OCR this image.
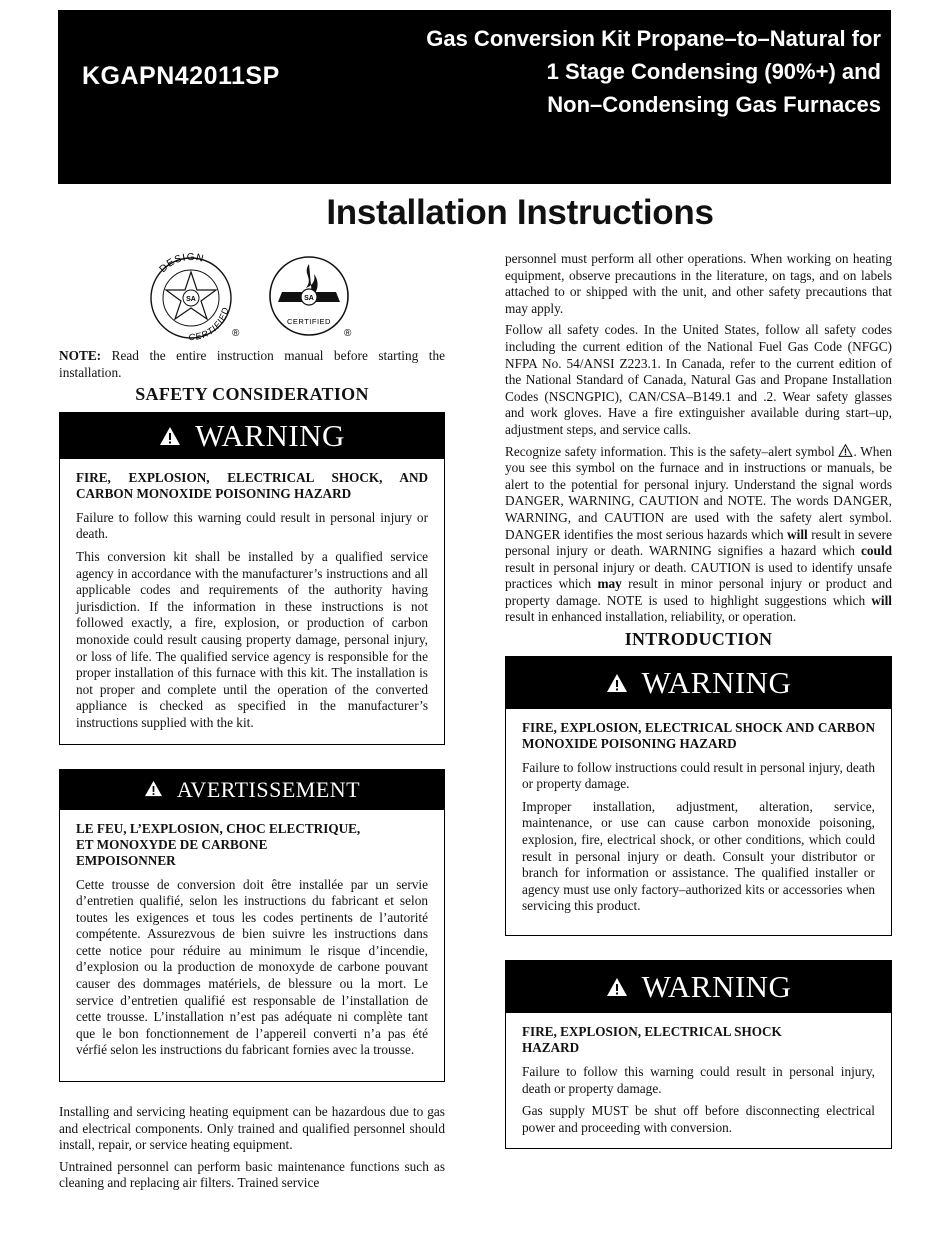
KGAPN42011SP
Gas Conversion Kit Propane–to–Natural for
1 Stage Condensing (90%+) and
Non–Condensing Gas Furnaces
Installation Instructions
SA
DESIGN
CERTIFIED
®
SA
CERTIFIED
®

NOTE: Read the entire instruction manual before starting the installation.

SAFETY CONSIDERATION
WARNING
FIRE, EXPLOSION, ELECTRICAL SHOCK, AND CARBON MONOXIDE POISONING HAZARD

Failure to follow this warning could result in personal injury or death.

This conversion kit shall be installed by a qualified service agency in accordance with the manufacturer’s instructions and all applicable codes and requirements of the authority having jurisdiction. If the information in these instructions is not followed exactly, a fire, explosion, or production of carbon monoxide could result causing property damage, personal injury, or loss of life. The qualified service agency is responsible for the proper installation of this furnace with this kit. The installation is not proper and complete until the operation of the converted appliance is checked as specified in the manufacturer’s instructions supplied with the kit.

AVERTISSEMENT
LE FEU, L’EXPLOSION, CHOC ELECTRIQUE,
ET MONOXYDE DE CARBONE
EMPOISONNER

Cette trousse de conversion doit être installée par un servie d’entretien qualifié, selon les instructions du fabricant et selon toutes les exigences et tous les codes pertinents de l’autorité compétente. Assurezvous de bien suivre les instructions dans cette notice pour réduire au minimum le risque d’incendie, d’explosion ou la production de monoxyde de carbone pouvant causer des dommages matériels, de blessure ou la mort. Le service d’entretien qualifié est responsable de l’installation de cette trousse. L’installation n’est pas adéquate ni complète tant que le bon fonctionnement de l’appereil converti n’a pas été vérfié selon les instructions du fabricant fornies avec la trousse.

Installing and servicing heating equipment can be hazardous due to gas and electrical components. Only trained and qualified personnel should install, repair, or service heating equipment.

Untrained personnel can perform basic maintenance functions such as cleaning and replacing air filters. Trained service

personnel must perform all other operations. When working on heating equipment, observe precautions in the literature, on tags, and on labels attached to or shipped with the unit, and other safety precautions that may apply.

Follow all safety codes. In the United States, follow all safety codes including the current edition of the National Fuel Gas Code (NFGC) NFPA No. 54/ANSI Z223.1. In Canada, refer to the current edition of the National Standard of Canada, Natural Gas and Propane Installation Codes (NSCNGPIC), CAN/CSA–B149.1 and .2. Wear safety glasses and work gloves. Have a fire extinguisher available during start–up, adjustment steps, and service calls.

Recognize safety information. This is the safety–alert symbol . When you see this symbol on the furnace and in instructions or manuals, be alert to the potential for personal injury. Understand the signal words DANGER, WARNING, CAUTION and NOTE. The words DANGER, WARNING, and CAUTION are used with the safety alert symbol. DANGER identifies the most serious hazards which will result in severe personal injury or death. WARNING signifies a hazard which could result in personal injury or death. CAUTION is used to identify unsafe practices which may result in minor personal injury or product and property damage. NOTE is used to highlight suggestions which will result in enhanced installation, reliability, or operation.

INTRODUCTION
WARNING
FIRE, EXPLOSION, ELECTRICAL SHOCK AND CARBON MONOXIDE POISONING HAZARD

Failure to follow instructions could result in personal injury, death or property damage.

Improper installation, adjustment, alteration, service, maintenance, or use can cause carbon monoxide poisoning, explosion, fire, electrical shock, or other conditions, which could result in personal injury or death. Consult your distributor or branch for information or assistance. The qualified installer or agency must use only factory–authorized kits or accessories when servicing this product.

WARNING
FIRE, EXPLOSION, ELECTRICAL SHOCK
HAZARD

Failure to follow this warning could result in personal injury, death or property damage.

Gas supply MUST be shut off before disconnecting electrical power and proceeding with conversion.
